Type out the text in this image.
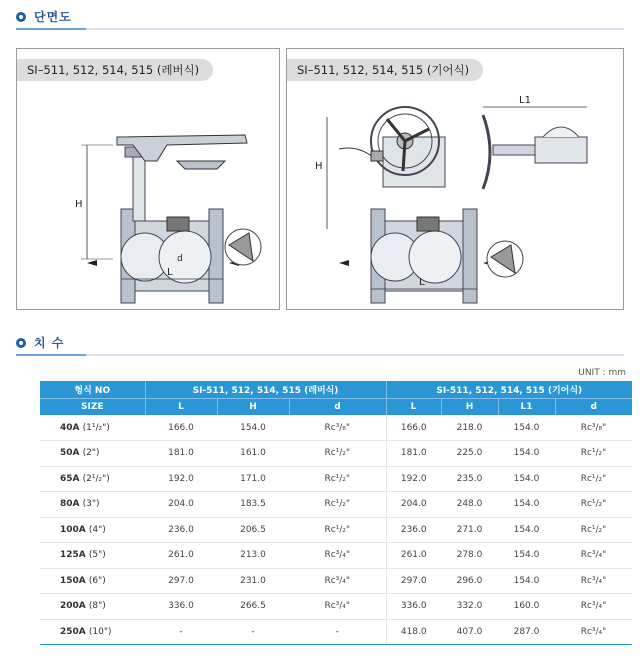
단면도
H
L
d
SI–511, 512, 514, 515 (레버식)
H
L1
L
SI–511, 512, 514, 515 (기어식)
치 수
UNIT : mm
형식 NO	SI-511, 512, 514, 515 (레버식)			SI-511, 512, 514, 515 (기어식)			
SIZE	L	H	d	L	H	L1	d
40A (1¹/₂")	166.0	154.0	Rc³/₈"	166.0	218.0	154.0	Rc³/₈"
50A (2")	181.0	161.0	Rc¹/₂"	181.0	225.0	154.0	Rc¹/₂"
65A (2¹/₂")	192.0	171.0	Rc¹/₂"	192.0	235.0	154.0	Rc¹/₂"
80A (3")	204.0	183.5	Rc¹/₂"	204.0	248.0	154.0	Rc¹/₂"
100A (4")	236.0	206.5	Rc¹/₂"	236.0	271.0	154.0	Rc¹/₂"
125A (5")	261.0	213.0	Rc³/₄"	261.0	278.0	154.0	Rc³/₄"
150A (6")	297.0	231.0	Rc³/₄"	297.0	296.0	154.0	Rc³/₄"
200A (8")	336.0	266.5	Rc³/₄"	336.0	332.0	160.0	Rc³/₄"
250A (10")	-	-	-	418.0	407.0	287.0	Rc³/₄"
